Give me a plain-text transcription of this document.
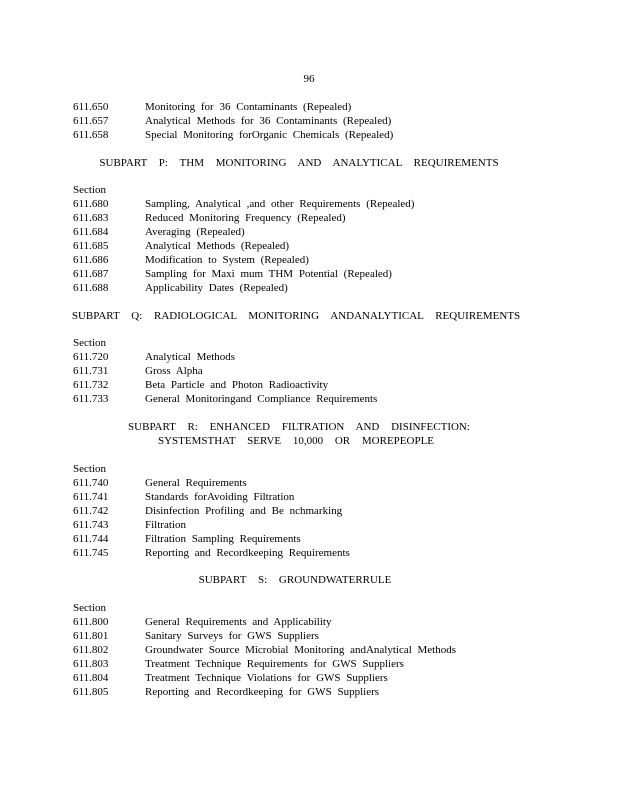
96
611.650	Monitoring for 36 Contaminants (Repealed)
611.657	Analytical Methods for 36 Contaminants (Repealed)
611.658	Special Monitoring forOrganic Chemicals (Repealed)
SUBPART P: THM MONITORING AND ANALYTICAL REQUIREMENTS
Section
611.680	Sampling, Analytical ,and other Requirements (Repealed)
611.683	Reduced Monitoring Frequency (Repealed)
611.684	Averaging (Repealed)
611.685	Analytical Methods (Repealed)
611.686	Modification to System (Repealed)
611.687	Sampling for Maxi mum THM Potential (Repealed)
611.688	Applicability Dates (Repealed)
SUBPART Q: RADIOLOGICAL MONITORING ANDANALYTICAL REQUIREMENTS
Section
611.720	Analytical Methods
611.731	Gross Alpha
611.732	Beta Particle and Photon Radioactivity
611.733	General Monitoringand Compliance Requirements
SUBPART R: ENHANCED FILTRATION AND DISINFECTION:
SYSTEMSTHAT SERVE 10,000 OR MOREPEOPLE
Section
611.740	General Requirements
611.741	Standards forAvoiding Filtration
611.742	Disinfection Profiling and Be nchmarking
611.743	Filtration
611.744	Filtration Sampling Requirements
611.745	Reporting and Recordkeeping Requirements
SUBPART S: GROUNDWATERRULE
Section
611.800	General Requirements and Applicability
611.801	Sanitary Surveys for GWS Suppliers
611.802	Groundwater Source Microbial Monitoring andAnalytical Methods
611.803	Treatment Technique Requirements for GWS Suppliers
611.804	Treatment Technique Violations for GWS Suppliers
611.805	Reporting and Recordkeeping for GWS Suppliers
